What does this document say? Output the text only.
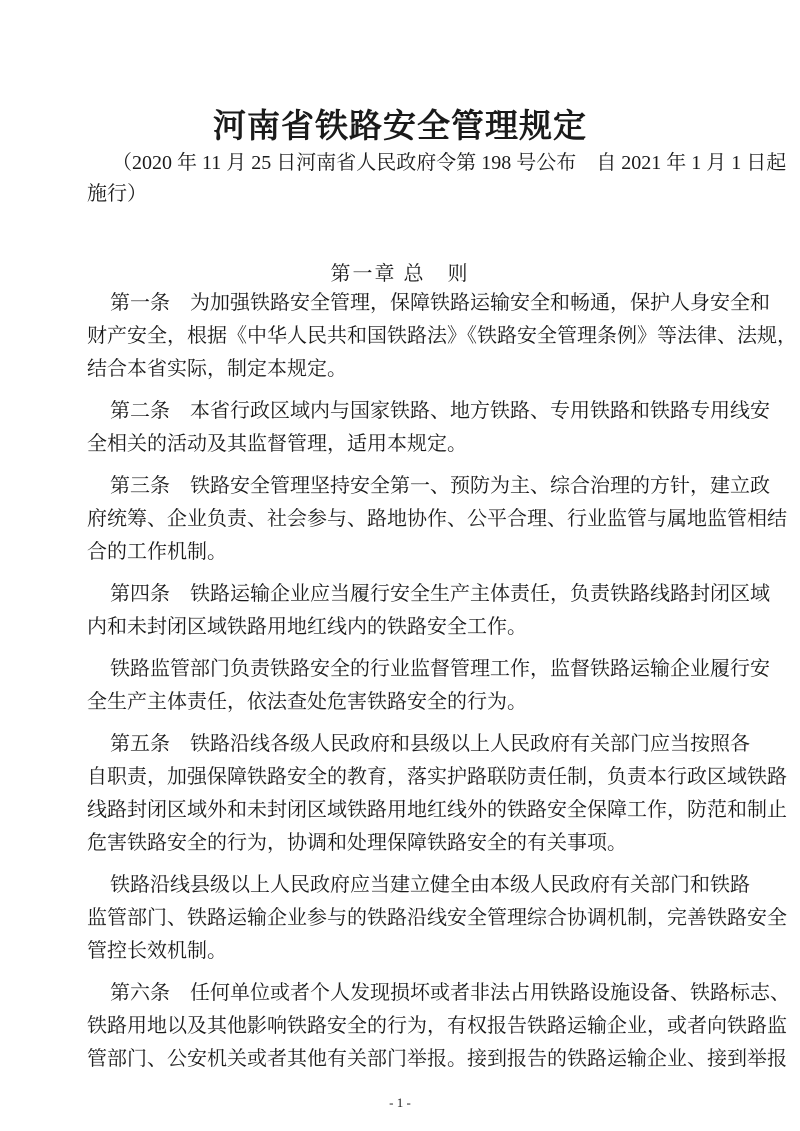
河南省铁路安全管理规定
（2020 年 11 月 25 日河南省人民政府令第 198 号公布　自 2021 年 1 月 1 日起
施行）
第一章 总　则
第一条　为加强铁路安全管理，保障铁路运输安全和畅通，保护人身安全和
财产安全，根据《中华人民共和国铁路法》《铁路安全管理条例》等法律、法规，
结合本省实际，制定本规定。
第二条　本省行政区域内与国家铁路、地方铁路、专用铁路和铁路专用线安
全相关的活动及其监督管理，适用本规定。
第三条　铁路安全管理坚持安全第一、预防为主、综合治理的方针，建立政
府统筹、企业负责、社会参与、路地协作、公平合理、行业监管与属地监管相结
合的工作机制。
第四条　铁路运输企业应当履行安全生产主体责任，负责铁路线路封闭区域
内和未封闭区域铁路用地红线内的铁路安全工作。
铁路监管部门负责铁路安全的行业监督管理工作，监督铁路运输企业履行安
全生产主体责任，依法查处危害铁路安全的行为。
第五条　铁路沿线各级人民政府和县级以上人民政府有关部门应当按照各
自职责，加强保障铁路安全的教育，落实护路联防责任制，负责本行政区域铁路
线路封闭区域外和未封闭区域铁路用地红线外的铁路安全保障工作，防范和制止
危害铁路安全的行为，协调和处理保障铁路安全的有关事项。
铁路沿线县级以上人民政府应当建立健全由本级人民政府有关部门和铁路
监管部门、铁路运输企业参与的铁路沿线安全管理综合协调机制，完善铁路安全
管控长效机制。
第六条　任何单位或者个人发现损坏或者非法占用铁路设施设备、铁路标志、
铁路用地以及其他影响铁路安全的行为，有权报告铁路运输企业，或者向铁路监
管部门、公安机关或者其他有关部门举报。接到报告的铁路运输企业、接到举报
- 1 -
